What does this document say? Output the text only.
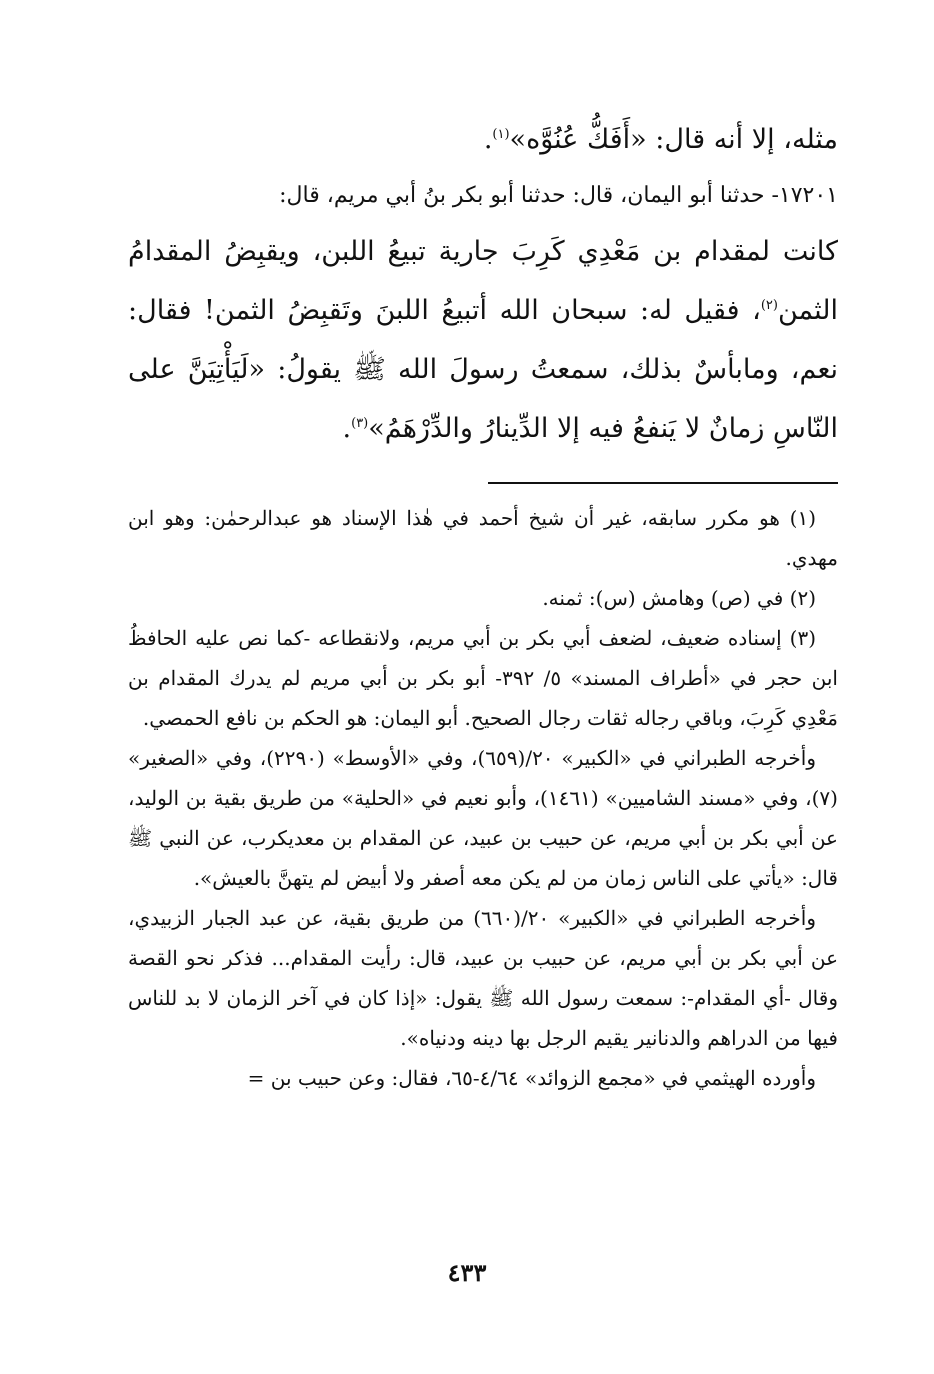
مثله، إلا أنه قال: «أَفَكُّ عُنُوَّه»$^{(١)}$.

١٧٢٠١- حدثنا أبو اليمان، قال: حدثنا أبو بكر بنُ أبي مريم، قال:

كانت لمقدام بن مَعْدِي كَرِبَ جارية تبيعُ اللبن، ويقبِضُ المقدامُ الثمن$^{(٢)}$، فقيل له: سبحان الله أتبيعُ اللبنَ وتَقبِضُ الثمن! فقال: نعم، ومابأسٌ بذلك، سمعتُ رسولَ الله ﷺ يقولُ: «لَيَأْتِيَنَّ على النّاسِ زمانٌ لا يَنفعُ فيه إلا الدِّينارُ والدِّرْهَمُ»$^{(٣)}$.

(١) هو مكرر سابقه، غير أن شيخ أحمد في هٰذا الإسناد هو عبدالرحمٰن: وهو ابن مهدي.

(٢) في (ص) وهامش (س): ثمنه.

(٣) إسناده ضعيف، لضعف أبي بكر بن أبي مريم، ولانقطاعه -كما نص عليه الحافظُ ابن حجر في «أطراف المسند» ٥/ ٣٩٢- أبو بكر بن أبي مريم لم يدرك المقدام بن مَعْدِي كَرِبَ، وباقي رجاله ثقات رجال الصحيح. أبو اليمان: هو الحكم بن نافع الحمصي.

وأخرجه الطبراني في «الكبير» ٢٠/(٦٥٩)، وفي «الأوسط» (٢٢٩٠)، وفي «الصغير» (٧)، وفي «مسند الشاميين» (١٤٦١)، وأبو نعيم في «الحلية» من طريق بقية بن الوليد، عن أبي بكر بن أبي مريم، عن حبيب بن عبيد، عن المقدام بن معديكرب، عن النبي ﷺ قال: «يأتي على الناس زمان من لم يكن معه أصفر ولا أبيض لم يتهنَّ بالعيش».

وأخرجه الطبراني في «الكبير» ٢٠/(٦٦٠) من طريق بقية، عن عبد الجبار الزبيدي، عن أبي بكر بن أبي مريم، عن حبيب بن عبيد، قال: رأيت المقدام... فذكر نحو القصة وقال -أي المقدام-: سمعت رسول الله ﷺ يقول: «إذا كان في آخر الزمان لا بد للناس فيها من الدراهم والدنانير يقيم الرجل بها دينه ودنياه».

وأورده الهيثمي في «مجمع الزوائد» ٤/٦٤-٦٥، فقال: وعن حبيب بن =

٤٣٣
